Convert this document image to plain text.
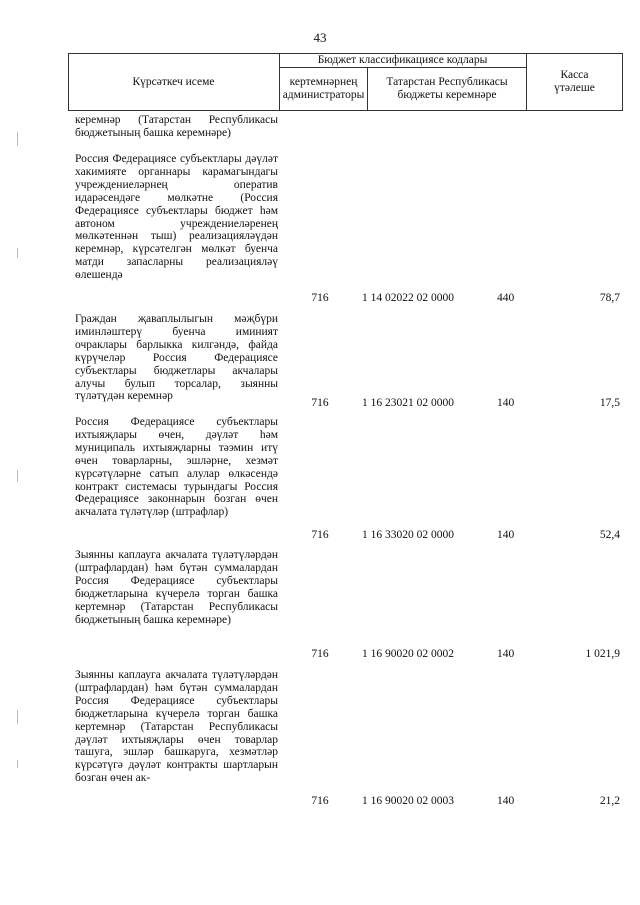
43
Күрсәткеч исеме
Бюджет классификациясе кодлары
кертемнәрнең администраторы
Татарстан Республикасы бюджеты керемнәре
Касса үтәлеше
керемнәр (Татарстан Республикасы бюджетының башка керемнәре)
Россия Федерациясе субъектлары дәүләт хакимияте органнары карамагындагы учреждениеләрнең оператив идарәсендәге мөлкәтне (Россия Федерациясе субъектлары бюджет һәм автоном учреждениеләренең мөлкәтеннән тыш) реализацияләүдән керемнәр, күрсәтелгән мөлкәт буенча матди запасларны реализацияләү өлешендә
716	1 14 02022 02 0000	440	78,7
Граждан җаваплылыгын мәҗбүри иминләштерү буенча иминият очраклары барлыкка килгәндә, файда күрүчеләр Россия Федерациясе субъектлары бюджетлары акчалары алучы булып торсалар, зыянны түләтүдән керемнәр
716	1 16 23021 02 0000	140	17,5
Россия Федерациясе субъектлары ихтыяҗлары өчен, дәүләт һәм муниципаль ихтыяҗларны тәэмин итү өчен товарларны, эшләрне, хезмәт күрсәтүләрне сатып алулар өлкәсендә контракт системасы турындагы Россия Федерациясе законнарын бозган өчен акчалата түләтүләр (штрафлар)
716	1 16 33020 02 0000	140	52,4
Зыянны каплауга акчалата түләтүләрдән (штрафлардан) һәм бүтән суммалардан Россия Федерациясе субъектлары бюджетларына күчерелә торган башка кертемнәр (Татарстан Республикасы бюджетының башка керемнәре)
716	1 16 90020 02 0002	140	1 021,9
Зыянны каплауга акчалата түләтүләрдән (штрафлардан) һәм бүтән суммалардан Россия Федерациясе субъектлары бюджетларына күчерелә торган башка кертемнәр (Татарстан Республикасы дәүләт ихтыяҗлары өчен товарлар ташуга, эшләр башкаруга, хезмәтләр күрсәтүгә дәүләт контракты шартларын бозган өчен ак-
716	1 16 90020 02 0003	140	21,2
